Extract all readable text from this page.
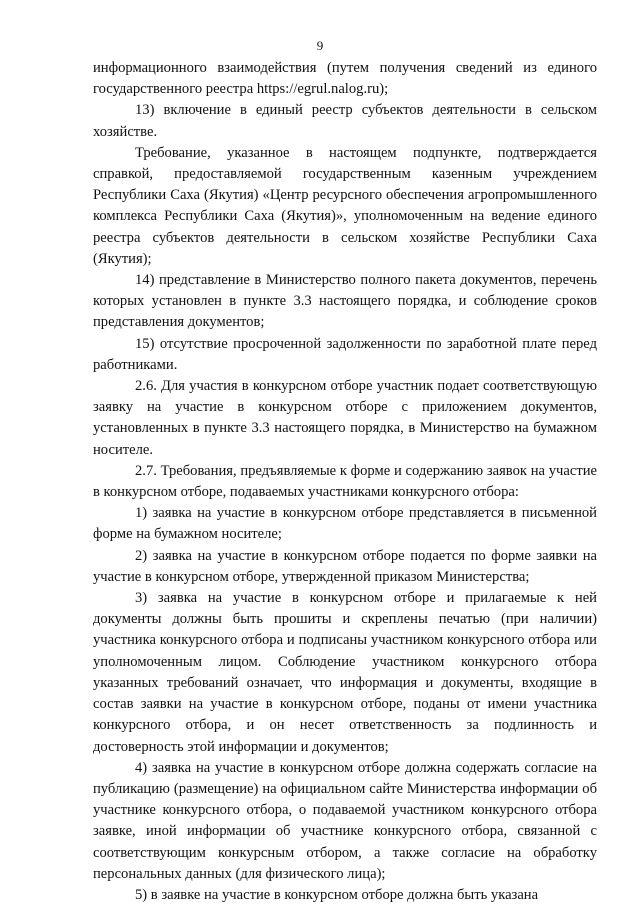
9

информационного взаимодействия (путем получения сведений из единого государственного реестра https://egrul.nalog.ru);

13) включение в единый реестр субъектов деятельности в сельском хозяйстве.

Требование, указанное в настоящем подпункте, подтверждается справкой, предоставляемой государственным казенным учреждением Республики Саха (Якутия) «Центр ресурсного обеспечения агропромышленного комплекса Республики Саха (Якутия)», уполномоченным на ведение единого реестра субъектов деятельности в сельском хозяйстве Республики Саха (Якутия);

14) представление в Министерство полного пакета документов, перечень которых установлен в пункте 3.3 настоящего порядка, и соблюдение сроков представления документов;

15) отсутствие просроченной задолженности по заработной плате перед работниками.

2.6. Для участия в конкурсном отборе участник подает соответствующую заявку на участие в конкурсном отборе с приложением документов, установленных в пункте 3.3 настоящего порядка, в Министерство на бумажном носителе.

2.7. Требования, предъявляемые к форме и содержанию заявок на участие в конкурсном отборе, подаваемых участниками конкурсного отбора:

1) заявка на участие в конкурсном отборе представляется в письменной форме на бумажном носителе;

2) заявка на участие в конкурсном отборе подается по форме заявки на участие в конкурсном отборе, утвержденной приказом Министерства;

3) заявка на участие в конкурсном отборе и прилагаемые к ней документы должны быть прошиты и скреплены печатью (при наличии) участника конкурсного отбора и подписаны участником конкурсного отбора или уполномоченным лицом. Соблюдение участником конкурсного отбора указанных требований означает, что информация и документы, входящие в состав заявки на участие в конкурсном отборе, поданы от имени участника конкурсного отбора, и он несет ответственность за подлинность и достоверность этой информации и документов;

4) заявка на участие в конкурсном отборе должна содержать согласие на публикацию (размещение) на официальном сайте Министерства информации об участнике конкурсного отбора, о подаваемой участником конкурсного отбора заявке, иной информации об участнике конкурсного отбора, связанной с соответствующим конкурсным отбором, а также согласие на обработку персональных данных (для физического лица);

5) в заявке на участие в конкурсном отборе должна быть указана
